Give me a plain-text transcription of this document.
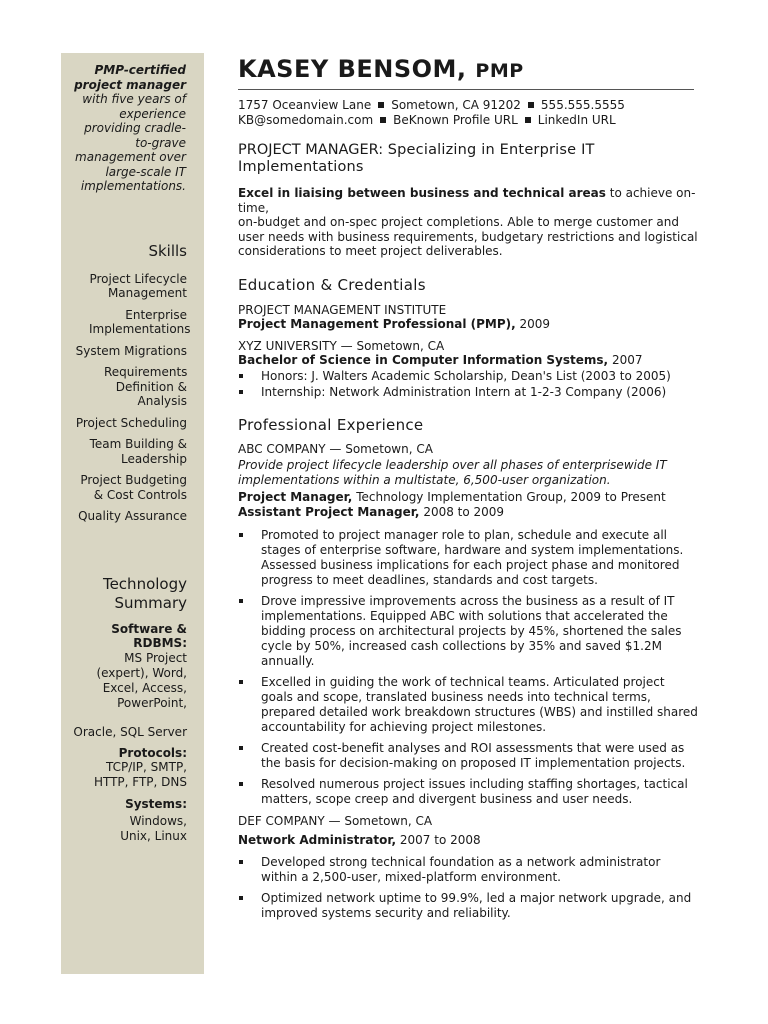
PMP-certified project manager with five years of experience providing cradle-to-grave management over large-scale IT implementations.

Skills

Project Lifecycle Management

Enterprise Implementations

System Migrations

Requirements Definition & Analysis

Project Scheduling

Team Building & Leadership

Project Budgeting & Cost Controls

Quality Assurance

Technology Summary

Software & RDBMS:

MS Project (expert), Word, Excel, Access, PowerPoint,

Oracle, SQL Server

Protocols:

TCP/IP, SMTP, HTTP, FTP, DNS

Systems:

Windows, Unix, Linux

KASEY BENSOM, PMP
1757 Oceanview Lane Sometown, CA 91202 555.555.5555
KB@somedomain.com BeKnown Profile URL LinkedIn URL
PROJECT MANAGER: Specializing in Enterprise IT Implementations
Excel in liaising between business and technical areas to achieve on-time,
on-budget and on-spec project completions. Able to merge customer and user needs with business requirements, budgetary restrictions and logistical considerations to meet project deliverables.
Education & Credentials
PROJECT MANAGEMENT INSTITUTE
Project Management Professional (PMP), 2009
XYZ UNIVERSITY — Sometown, CA
Bachelor of Science in Computer Information Systems, 2007
Honors: J. Walters Academic Scholarship, Dean's List (2003 to 2005)
Internship: Network Administration Intern at 1-2-3 Company (2006)
Professional Experience
ABC COMPANY — Sometown, CA
Provide project lifecycle leadership over all phases of enterprisewide IT implementations within a multistate, 6,500-user organization.
Project Manager, Technology Implementation Group, 2009 to Present
Assistant Project Manager, 2008 to 2009
Promoted to project manager role to plan, schedule and execute all stages of enterprise software, hardware and system implementations. Assessed business implications for each project phase and monitored progress to meet deadlines, standards and cost targets.
Drove impressive improvements across the business as a result of IT implementations. Equipped ABC with solutions that accelerated the bidding process on architectural projects by 45%, shortened the sales cycle by 50%, increased cash collections by 35% and saved $1.2M annually.
Excelled in guiding the work of technical teams. Articulated project goals and scope, translated business needs into technical terms, prepared detailed work breakdown structures (WBS) and instilled shared accountability for achieving project milestones.
Created cost-benefit analyses and ROI assessments that were used as the basis for decision-making on proposed IT implementation projects.
Resolved numerous project issues including staffing shortages, tactical matters, scope creep and divergent business and user needs.
DEF COMPANY — Sometown, CA
Network Administrator, 2007 to 2008
Developed strong technical foundation as a network administrator within a 2,500-user, mixed-platform environment.
Optimized network uptime to 99.9%, led a major network upgrade, and improved systems security and reliability.
